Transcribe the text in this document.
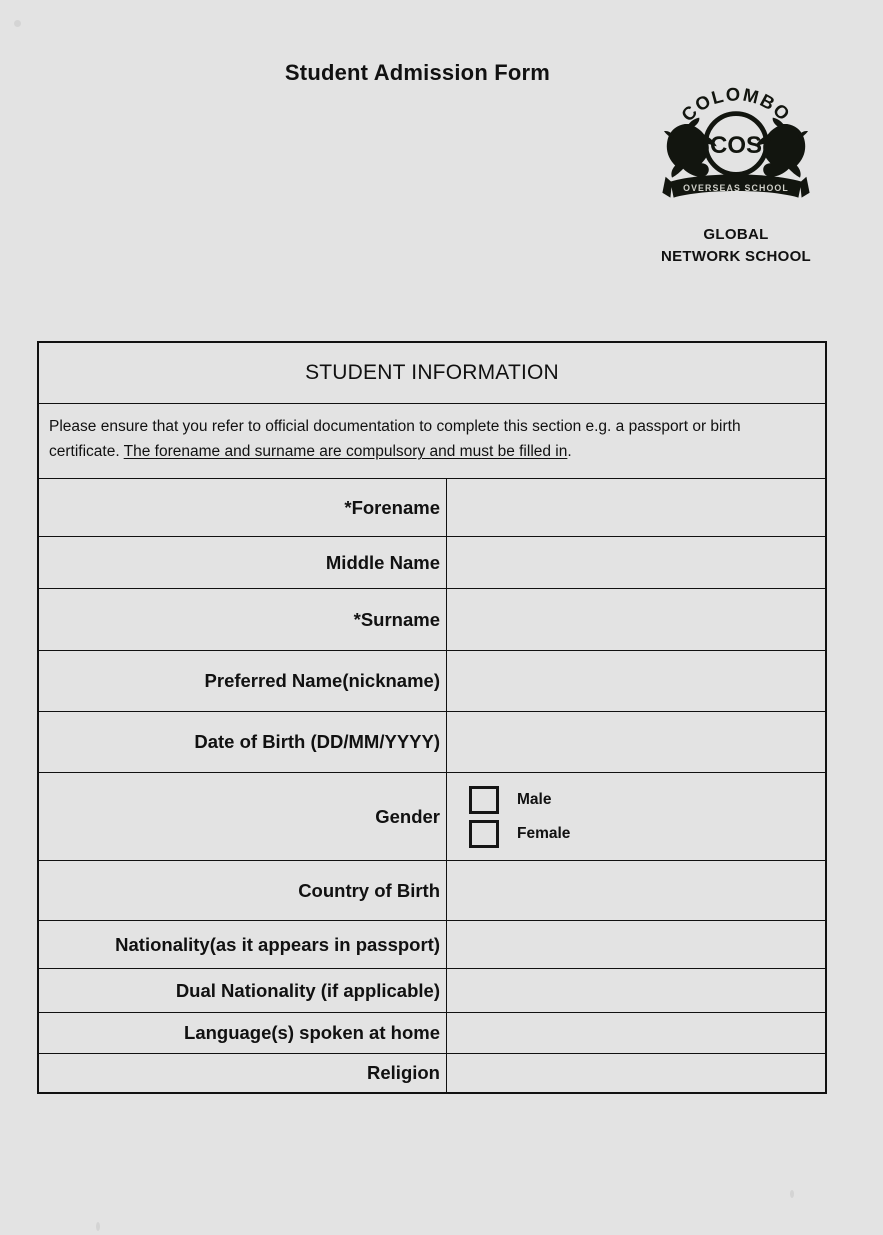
Student Admission Form
COLOMBO
COS
OVERSEAS SCHOOL
GLOBAL
NETWORK SCHOOL
STUDENT INFORMATION
Please ensure that you refer to official documentation to complete this section e.g. a passport or birth certificate. The forename and surname are compulsory and must be filled in.
*Forename
Middle Name
*Surname
Preferred Name(nickname)
Date of Birth (DD/MM/YYYY)
Gender
Male
Female
Country of Birth
Nationality(as it appears in passport)
Dual Nationality (if applicable)
Language(s) spoken at home
Religion
